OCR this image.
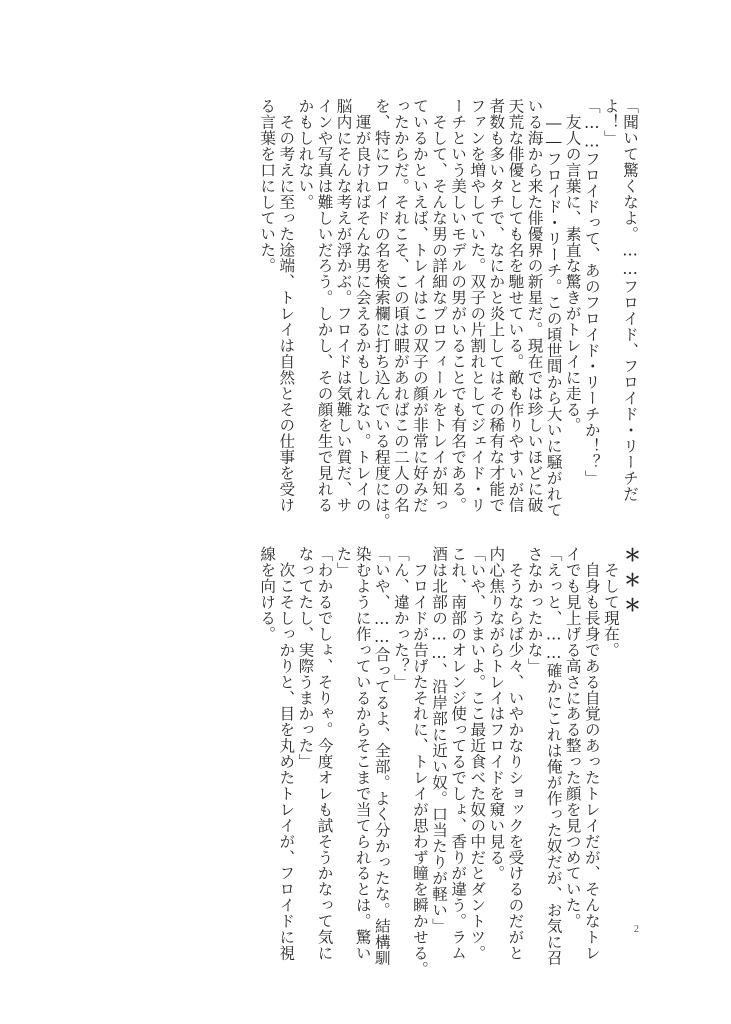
「聞いて驚くなよ。……フロイド、フロイド・リーチだ
よ！」
「……フロイドって、あのフロイド・リーチか！？」
　友人の言葉に、素直な驚きがトレイに走る。
　――フロイド・リーチ。この頃世間から大いに騒がれて
いる海から来た俳優界の新星だ。現在では珍しいほどに破
天荒な俳優としても名を馳せている。敵も作りやすいが信
者数も多いタチで、なにかと炎上してはその稀有な才能で
ファンを増やしていた。双子の片割れとしてジェイド・リ
ーチという美しいモデルの男がいることでも有名である。
　そして、そんな男の詳細なプロフィールをトレイが知っ
ているかといえば、トレイはこの双子の顔が非常に好みだ
ったからだ。それこそ、この頃は暇があればこの二人の名
を、特にフロイドの名を検索欄に打ち込んでいる程度には。
　運が良ければそんな男に会えるかもしれない。トレイの
脳内にそんな考えが浮かぶ。フロイドは気難しい質だ、サ
インや写真は難しいだろう。しかし、その顔を生で見れる
かもしれない。
　その考えに至った途端、トレイは自然とその仕事を受け
る言葉を口にしていた。
＊＊＊
　そして現在。
　自身も長身である自覚のあったトレイだが、そんなトレ
イでも見上げる高さにある整った顔を見つめていた。
「えっと、……確かにこれは俺が作った奴だが、お気に召
さなかったかな」
　そうならば少々、いやかなりショックを受けるのだがと
内心焦りながらトレイはフロイドを窺い見る。
「いや、うまいよ。ここ最近食べた奴の中だとダントツ。
これ、南部のオレンジ使ってるでしょ、香りが違う。ラム
酒は北部の……、沿岸部に近い奴。口当たりが軽い」
　フロイドが告げたそれに、トレイが思わず瞳を瞬かせる。
「ん、違かった？」
「いや、……合ってるよ、全部。よく分かったな。結構馴
染むように作っているからそこまで当てられるとは。驚い
た」
「わかるでしょ、そりゃ。今度オレも試そうかなって気に
なってたし、実際うまかった」
　次こそしっかりと、目を丸めたトレイが、フロイドに視
線を向ける。
2
